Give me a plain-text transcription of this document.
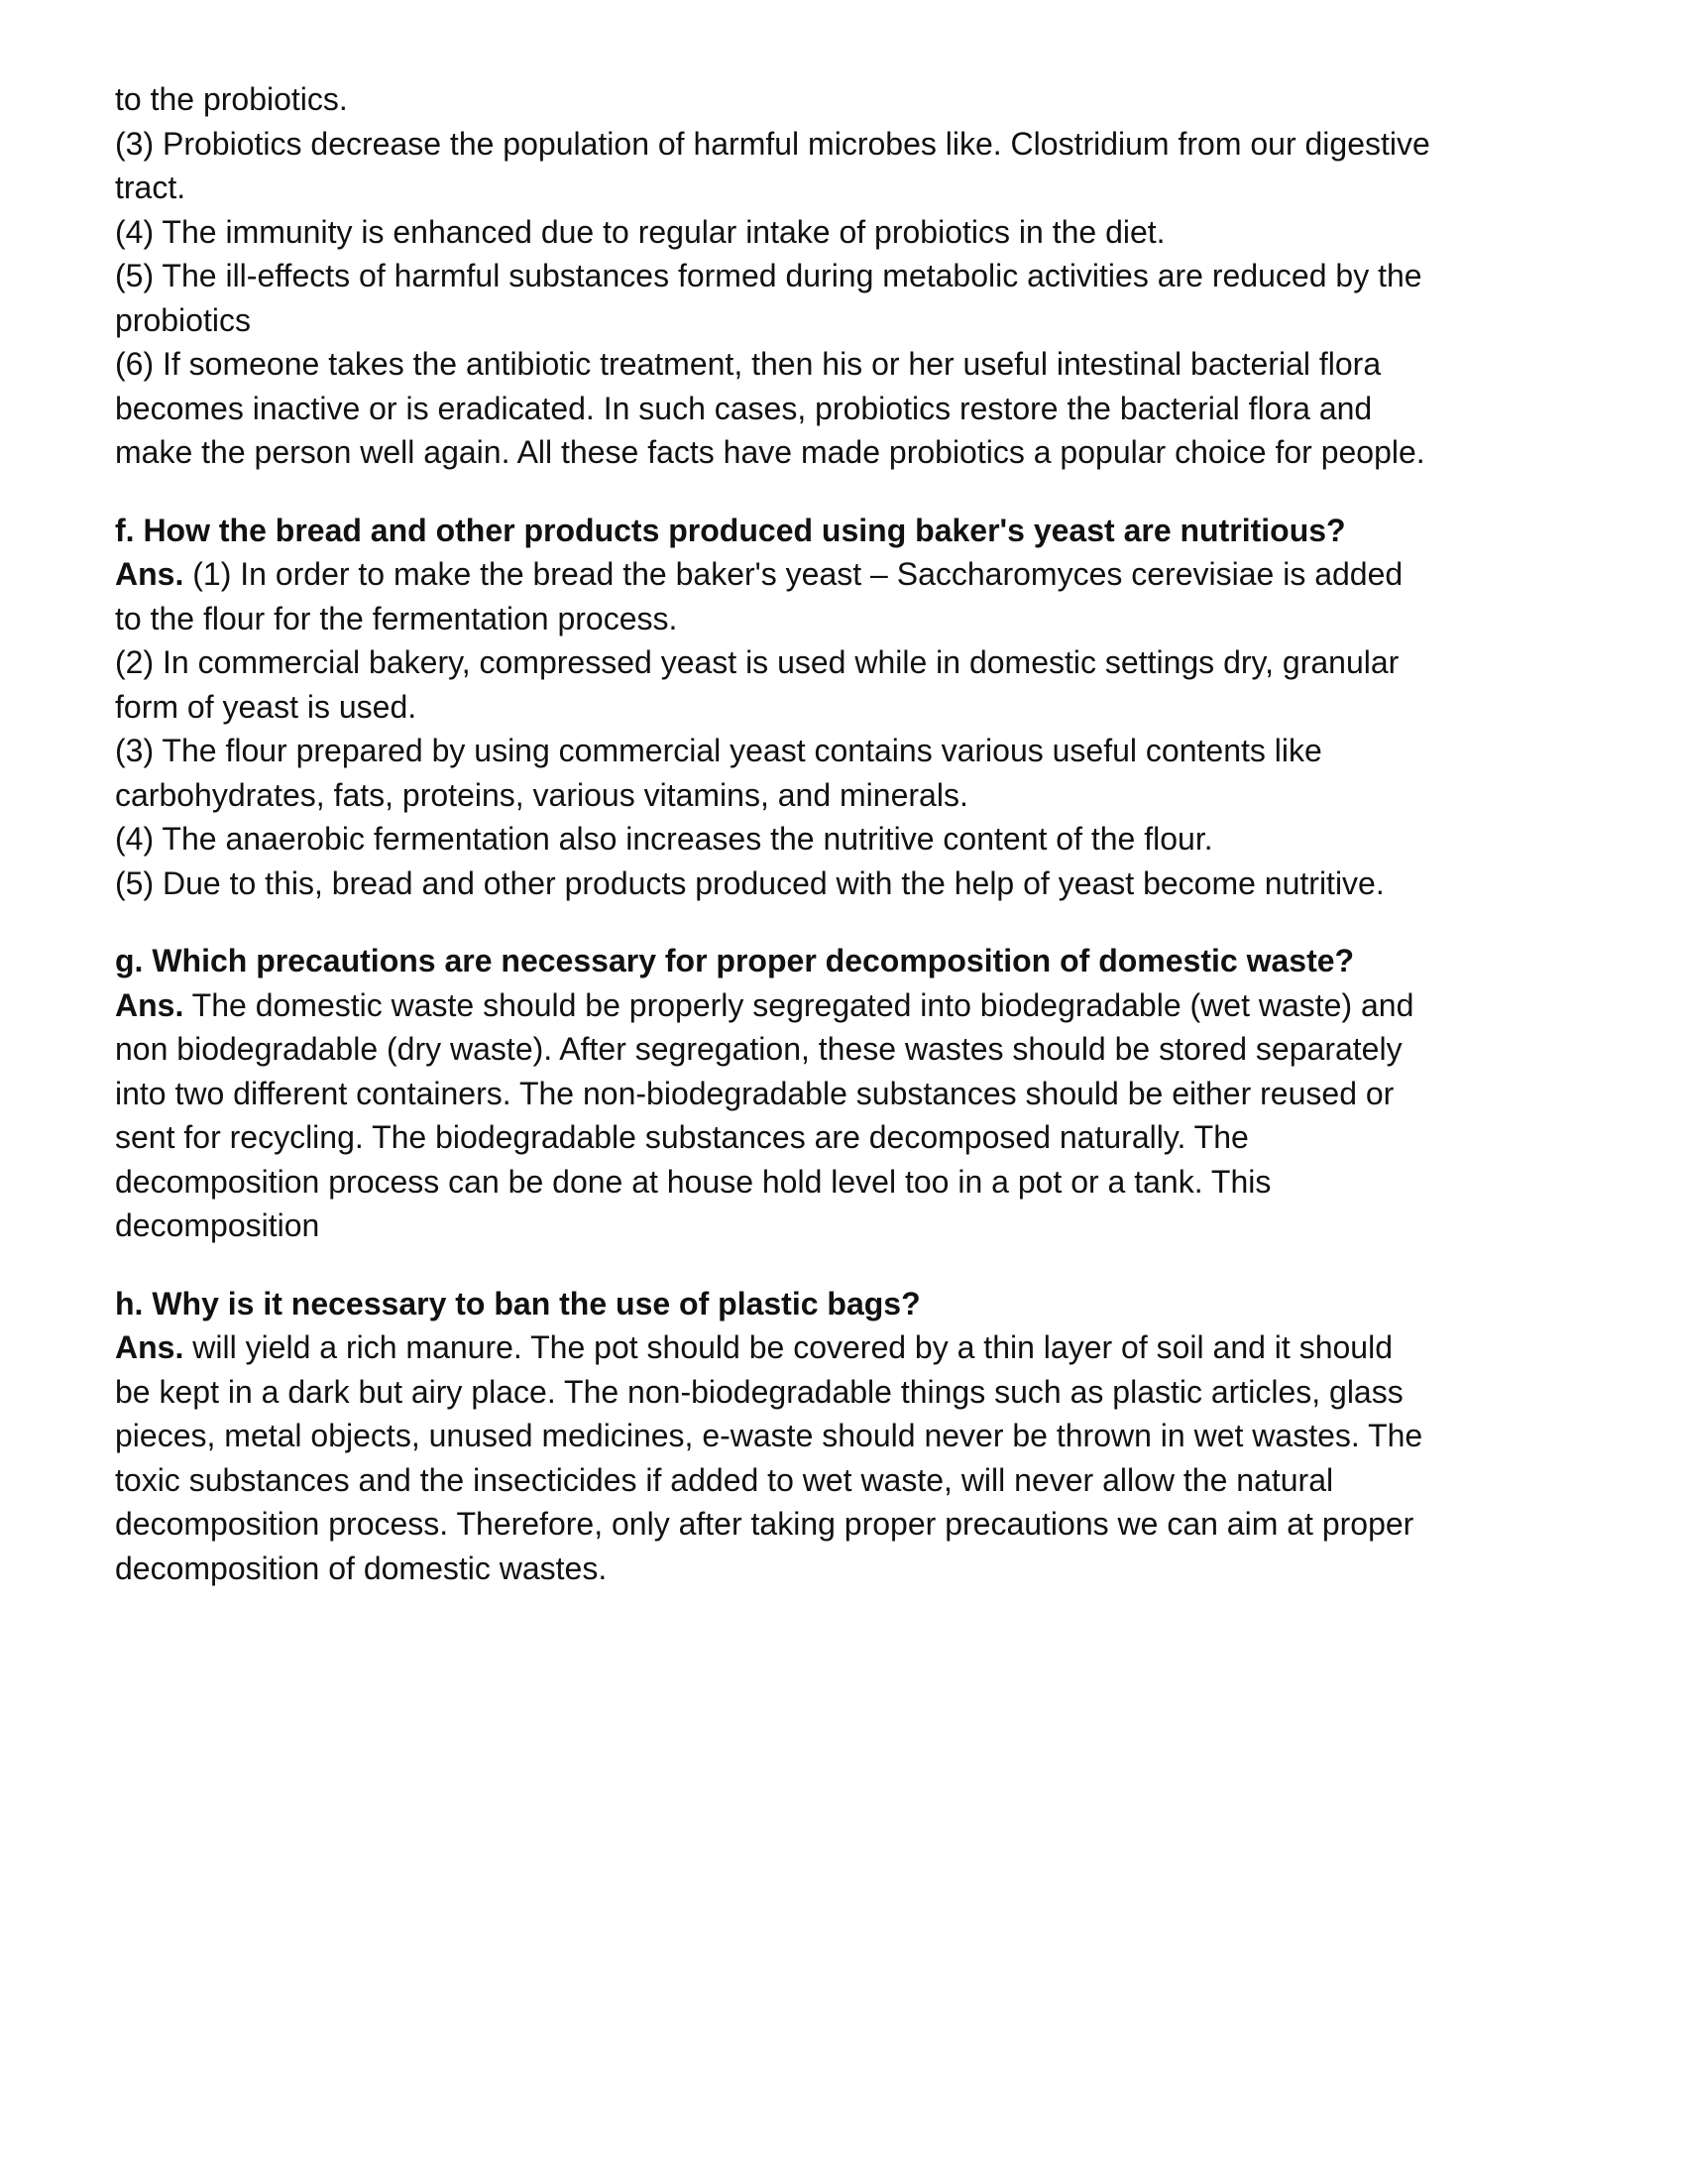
to the probiotics.
(3) Probiotics decrease the population of harmful microbes like. Clostridium from our digestive
tract.
(4) The immunity is enhanced due to regular intake of probiotics in the diet.
(5) The ill-effects of harmful substances formed during metabolic activities are reduced by the
probiotics
(6) If someone takes the antibiotic treatment, then his or her useful intestinal bacterial flora
becomes inactive or is eradicated. In such cases, probiotics restore the bacterial flora and
make the person well again. All these facts have made probiotics a popular choice for people.
f. How the bread and other products produced using baker's yeast are nutritious?
Ans. (1) In order to make the bread the baker's yeast – Saccharomyces cerevisiae is added
to the flour for the fermentation process.
(2) In commercial bakery, compressed yeast is used while in domestic settings dry, granular
form of yeast is used.
(3) The flour prepared by using commercial yeast contains various useful contents like
carbohydrates, fats, proteins, various vitamins, and minerals.
(4) The anaerobic fermentation also increases the nutritive content of the flour.
(5) Due to this, bread and other products produced with the help of yeast become nutritive.
g. Which precautions are necessary for proper decomposition of domestic waste?
Ans. The domestic waste should be properly segregated into biodegradable (wet waste) and
non biodegradable (dry waste). After segregation, these wastes should be stored separately
into two different containers. The non-biodegradable substances should be either reused or
sent for recycling. The biodegradable substances are decomposed naturally. The
decomposition process can be done at house hold level too in a pot or a tank. This
decomposition
h. Why is it necessary to ban the use of plastic bags?
Ans. will yield a rich manure. The pot should be covered by a thin layer of soil and it should
be kept in a dark but airy place. The non-biodegradable things such as plastic articles, glass
pieces, metal objects, unused medicines, e-waste should never be thrown in wet wastes. The
toxic substances and the insecticides if added to wet waste, will never allow the natural
decomposition process. Therefore, only after taking proper precautions we can aim at proper
decomposition of domestic wastes.
